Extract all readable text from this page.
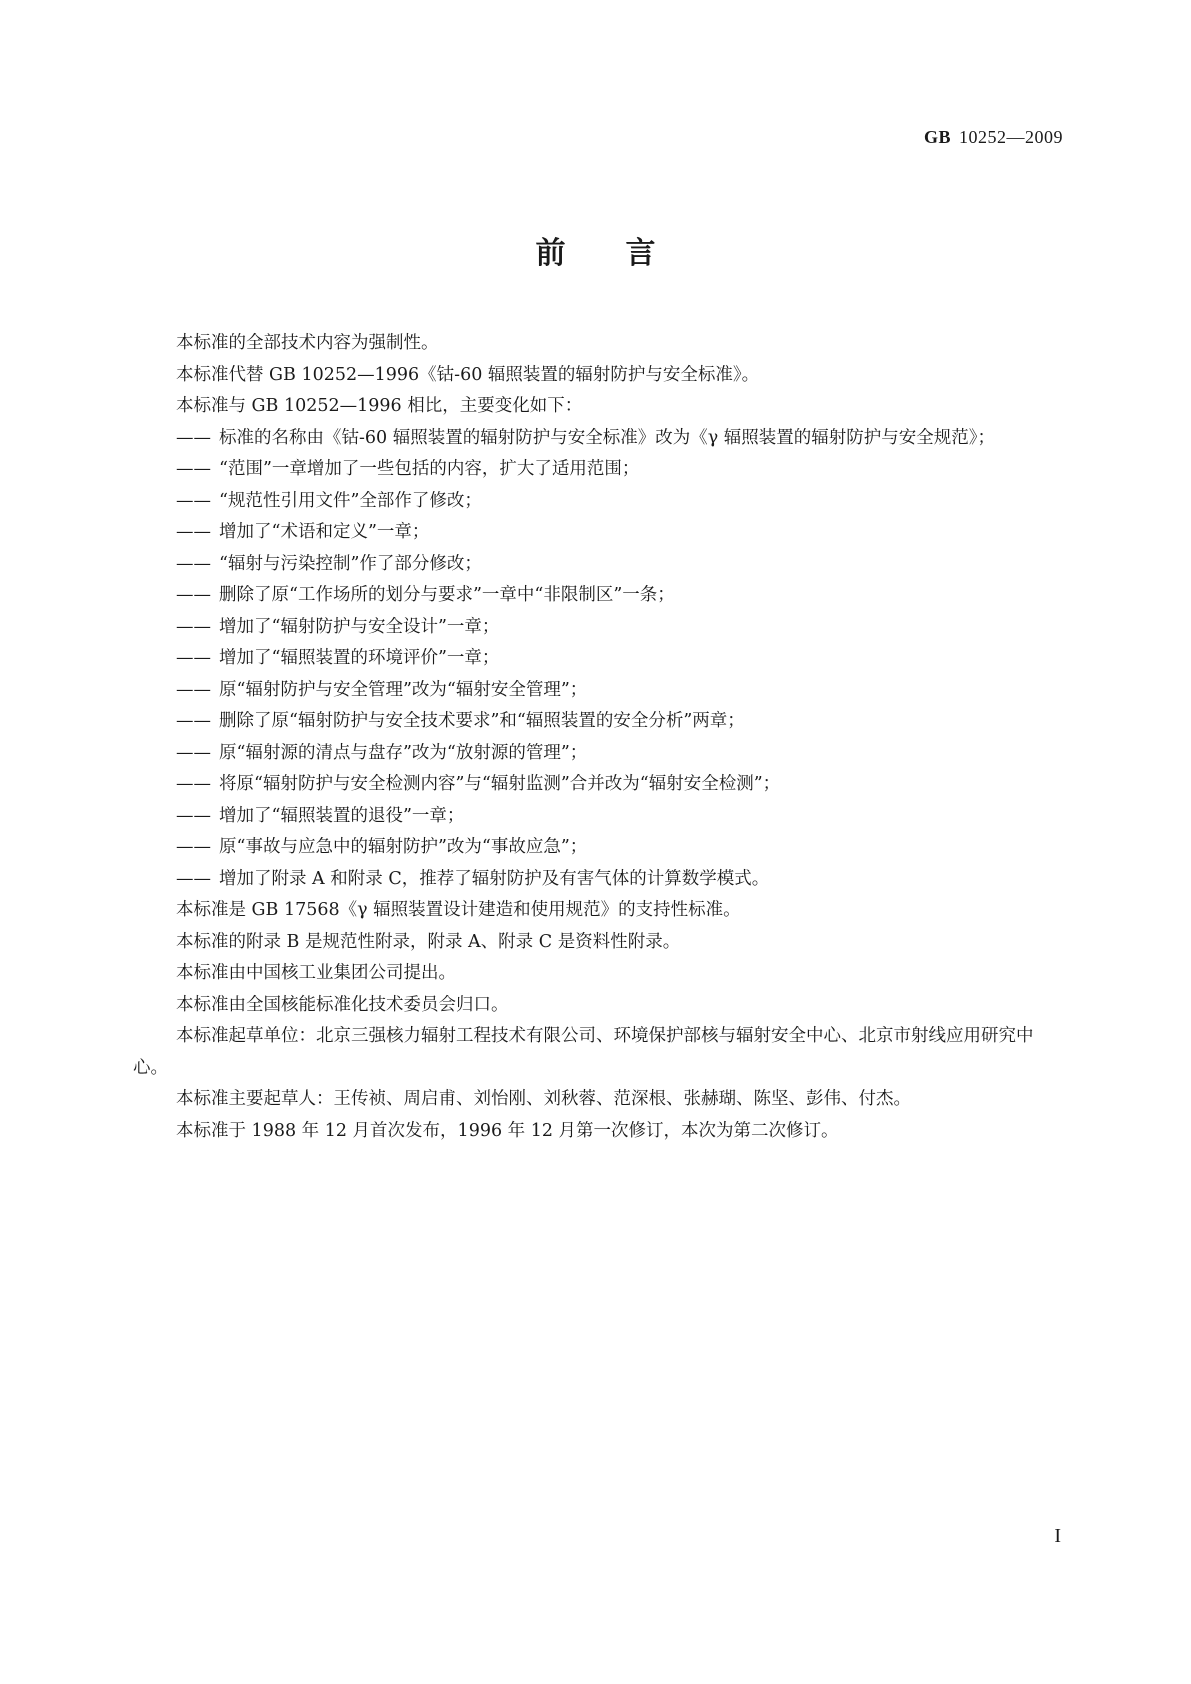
GB 10252—2009
前言

本标准的全部技术内容为强制性。

本标准代替 GB 10252—1996《钴-60 辐照装置的辐射防护与安全标准》。

本标准与 GB 10252—1996 相比，主要变化如下：

—— 标准的名称由《钴-60 辐照装置的辐射防护与安全标准》改为《γ 辐照装置的辐射防护与安全规范》；

—— “范围”一章增加了一些包括的内容，扩大了适用范围；

—— “规范性引用文件”全部作了修改；

—— 增加了“术语和定义”一章；

—— “辐射与污染控制”作了部分修改；

—— 删除了原“工作场所的划分与要求”一章中“非限制区”一条；

—— 增加了“辐射防护与安全设计”一章；

—— 增加了“辐照装置的环境评价”一章；

—— 原“辐射防护与安全管理”改为“辐射安全管理”；

—— 删除了原“辐射防护与安全技术要求”和“辐照装置的安全分析”两章；

—— 原“辐射源的清点与盘存”改为“放射源的管理”；

—— 将原“辐射防护与安全检测内容”与“辐射监测”合并改为“辐射安全检测”；

—— 增加了“辐照装置的退役”一章；

—— 原“事故与应急中的辐射防护”改为“事故应急”；

—— 增加了附录 A 和附录 C，推荐了辐射防护及有害气体的计算数学模式。

本标准是 GB 17568《γ 辐照装置设计建造和使用规范》的支持性标准。

本标准的附录 B 是规范性附录，附录 A、附录 C 是资料性附录。

本标准由中国核工业集团公司提出。

本标准由全国核能标准化技术委员会归口。

本标准起草单位：北京三强核力辐射工程技术有限公司、环境保护部核与辐射安全中心、北京市射线应用研究中心。

本标准主要起草人：王传祯、周启甫、刘怡刚、刘秋蓉、范深根、张赫瑚、陈坚、彭伟、付杰。

本标准于 1988 年 12 月首次发布，1996 年 12 月第一次修订，本次为第二次修订。

I
